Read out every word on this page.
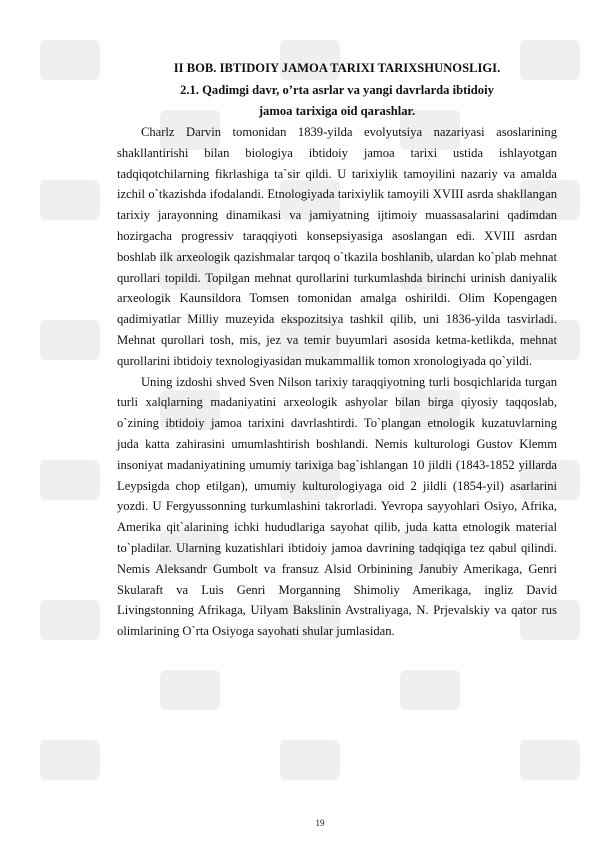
II BOB. IBTIDOIY JAMOA TARIXI TARIXSHUNOSLIGI.
2.1. Qadimgi davr, o’rta asrlar va yangi davrlarda ibtidoiy
jamoa tarixiga oid qarashlar.

Charlz Darvin tomonidan 1839-yilda evolyutsiya nazariyasi asoslarining shakllantirishi bilan biologiya ibtidoiy jamoa tarixi ustida ishlayotgan tadqiqotchilarning fikrlashiga ta`sir qildi. U tarixiylik tamoyilini nazariy va amalda izchil o`tkazishda ifodalandi. Etnologiyada tarixiylik tamoyili XVIII asrda shakllangan tarixiy jarayonning dinamikasi va jamiyatning ijtimoiy muassasalarini qadimdan hozirgacha progressiv taraqqiyoti konsepsiyasiga asoslangan edi. XVIII asrdan boshlab ilk arxeologik qazishmalar tarqoq o`tkazila boshlanib, ulardan ko`plab mehnat qurollari topildi. Topilgan mehnat qurollarini turkumlashda birinchi urinish daniyalik arxeologik Kaunsildora Tomsen tomonidan amalga oshirildi. Olim Kopengagen qadimiyatlar Milliy muzeyida ekspozitsiya tashkil qilib, uni 1836-yilda tasvirladi. Mehnat qurollari tosh, mis, jez va temir buyumlari asosida ketma-ketlikda, mehnat qurollarini ibtidoiy texnologiyasidan mukammallik tomon xronologiyada qo`yildi.

Uning izdoshi shved Sven Nilson tarixiy taraqqiyotning turli bosqichlarida turgan turli xalqlarning madaniyatini arxeologik ashyolar bilan birga qiyosiy taqqoslab, o`zining ibtidoiy jamoa tarixini davrlashtirdi. To`plangan etnologik kuzatuvlarning juda katta zahirasini umumlashtirish boshlandi. Nemis kulturologi Gustov Klemm insoniyat madaniyatining umumiy tarixiga bag`ishlangan 10 jildli (1843-1852 yillarda Leypsigda chop etilgan), umumiy kulturologiyaga oid 2 jildli (1854-yil) asarlarini yozdi. U Fergyussonning turkumlashini takrorladi. Yevropa sayyohlari Osiyo, Afrika, Amerika qit`alarining ichki hududlariga sayohat qilib, juda katta etnologik material to`pladilar. Ularning kuzatishlari ibtidoiy jamoa davrining tadqiqiga tez qabul qilindi. Nemis Aleksandr Gumbolt va fransuz Alsid Orbinining Janubiy Amerikaga, Genri Skularaft va Luis Genri Morganning Shimoliy Amerikaga, ingliz David Livingstonning Afrikaga, Uilyam Bakslinin Avstraliyaga, N. Prjevalskiy va qator rus olimlarining O`rta Osiyoga sayohati shular jumlasidan.

19
